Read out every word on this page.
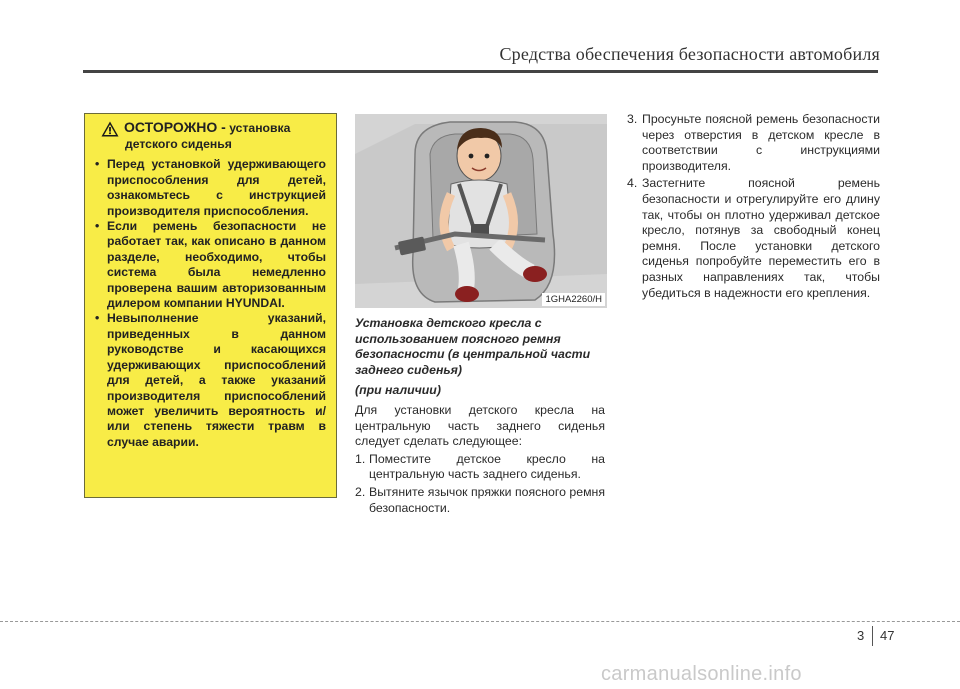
Средства обеспечения безопасности автомобиля
ОСТОРОЖНО - установка
детского сиденья
• Перед установкой удерживающего приспособления для детей, ознакомьтесь с инструкцией производителя приспособления.
• Если ремень безопасности не работает так, как описано в данном разделе, необходимо, чтобы система была немедленно проверена вашим авторизованным дилером компании HYUNDAI.
• Невыполнение указаний, приведенных в данном руководстве и касающихся удерживающих приспособлений для детей, а также указаний производителя приспособлений может увеличить вероятность и/или степень тяжести травм в случае аварии.
1GHA2260/H
Установка детского кресла с использованием поясного ремня безопасности (в центральной части заднего сиденья)
(при наличии)
Для установки детского кресла на центральную часть заднего сиденья следует сделать следующее:
1. Поместите детское кресло на центральную часть заднего сиденья.
2. Вытяните язычок пряжки поясного ремня безопасности.
3. Просуньте поясной ремень безопасности через отверстия в детском кресле в соответствии с инструкциями производителя.
4. Застегните поясной ремень безопасности и отрегулируйте его длину так, чтобы он плотно удерживал детское кресло, потянув за свободный конец ремня. После установки детского сиденья попробуйте переместить его в разных направлениях так, чтобы убедиться в надежности его крепления.
3 47
carmanualsonline.info
